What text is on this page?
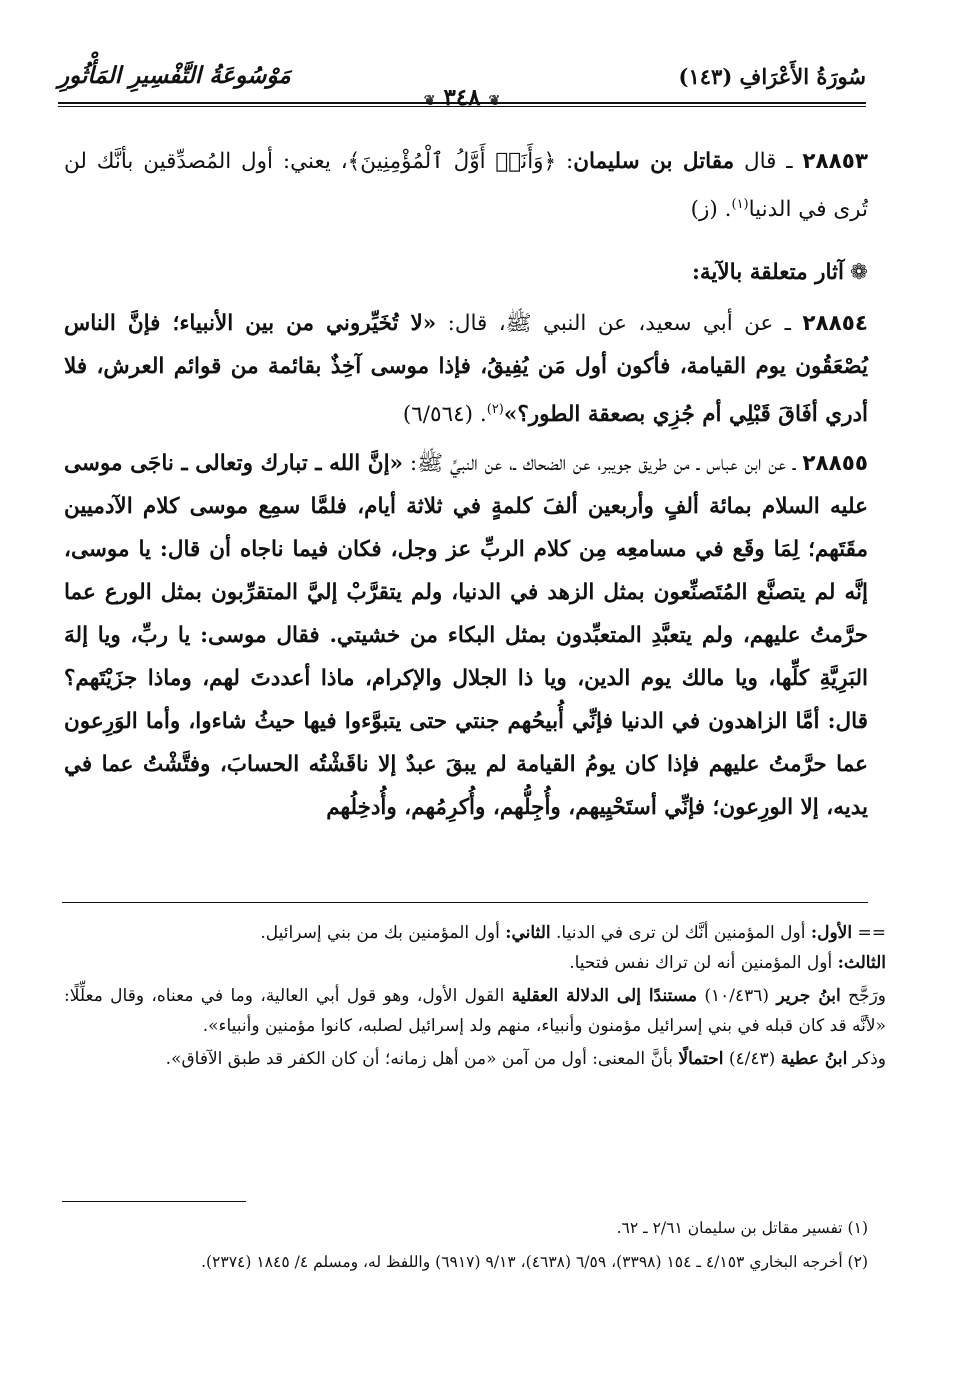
سُورَةُ الأَعْرَافِ (١٤٣)
❦ ٣٤٨ ❦
مَوْسُوعَةُ التَّفْسِيرِ المَأْثُورِ

٢٨٨٥٣ ـ قال مقاتل بن سليمان: ﴿وَأَنَا۠ أَوَّلُ ٱلْمُؤْمِنِينَ﴾، يعني: أول المُصدِّقين بأنَّك لن تُرى في الدنيا$^{(١)}$. (ز)

❁آثار متعلقة بالآية:

٢٨٨٥٤ ـ عن أبي سعيد، عن النبي ﷺ، قال: «لا تُخَيِّروني من بين الأنبياء؛ فإنَّ الناس يُصْعَقُون يوم القيامة، فأكون أول مَن يُفِيقُ، فإذا موسى آخِذٌ بقائمة من قوائم العرش، فلا أدري أفَاقَ قَبْلِي أم جُزِي بصعقة الطور؟»$^{(٢)}$. (٦/٥٦٤)

٢٨٨٥٥ ـ عن ابن عباس ـ من طريق جويبر، عن الضحاك ـ، عن النبيِّ ﷺ: «إنَّ الله ـ تبارك وتعالى ـ ناجَى موسى عليه السلام بمائة ألفٍ وأربعين ألفَ كلمةٍ في ثلاثة أيام، فلمَّا سمِع موسى كلام الآدميين مقَتَهم؛ لِمَا وقَع في مسامعِه مِن كلام الربِّ عز وجل، فكان فيما ناجاه أن قال: يا موسى، إنَّه لم يتصنَّع المُتَصنِّعون بمثل الزهد في الدنيا، ولم يتقرَّبْ إليَّ المتقرِّبون بمثل الورع عما حرَّمتُ عليهم، ولم يتعبَّدِ المتعبِّدون بمثل البكاء من خشيتي. فقال موسى: يا ربِّ، ويا إلهَ البَرِيَّةِ كلِّها، ويا مالك يوم الدين، ويا ذا الجلال والإكرام، ماذا أعددتَ لهم، وماذا جزَيْتَهم؟ قال: أمَّا الزاهدون في الدنيا فإنِّي أُبيحُهم جنتي حتى يتبوَّءوا فيها حيثُ شاءوا، وأما الوَرِعون عما حرَّمتُ عليهم فإذا كان يومُ القيامة لم يبقَ عبدٌ إلا ناقَشْتُه الحسابَ، وفتَّشْتُ عما في يديه، إلا الورِعون؛ فإنِّي أستَحْيِيهم، وأُجِلُّهم، وأُكرِمُهم، وأُدخِلُهم

== الأول: أول المؤمنين أنَّك لن ترى في الدنيا. الثاني: أول المؤمنين بك من بني إسرائيل.
الثالث: أول المؤمنين أنه لن تراك نفس فتحيا.

ورَجَّح ابنُ جرير (١٠/٤٣٦) مستندًا إلى الدلالة العقلية القول الأول، وهو قول أبي العالية، وما في معناه، وقال معلِّلًا: «لأنَّه قد كان قبله في بني إسرائيل مؤمنون وأنبياء، منهم ولد إسرائيل لصلبه، كانوا مؤمنين وأنبياء».

وذكر ابنُ عطية (٤/٤٣) احتمالًا بأنَّ المعنى: أول من آمن «من أهل زمانه؛ أن كان الكفر قد طبق الآفاق».

(١) تفسير مقاتل بن سليمان ٢/٦١ ـ ٦٢.

(٢) أخرجه البخاري ٤/١٥٣ ـ ١٥٤ (٣٣٩٨)، ٦/٥٩ (٤٦٣٨)، ٩/١٣ (٦٩١٧) واللفظ له، ومسلم ٤/ ١٨٤٥ (٢٣٧٤).
